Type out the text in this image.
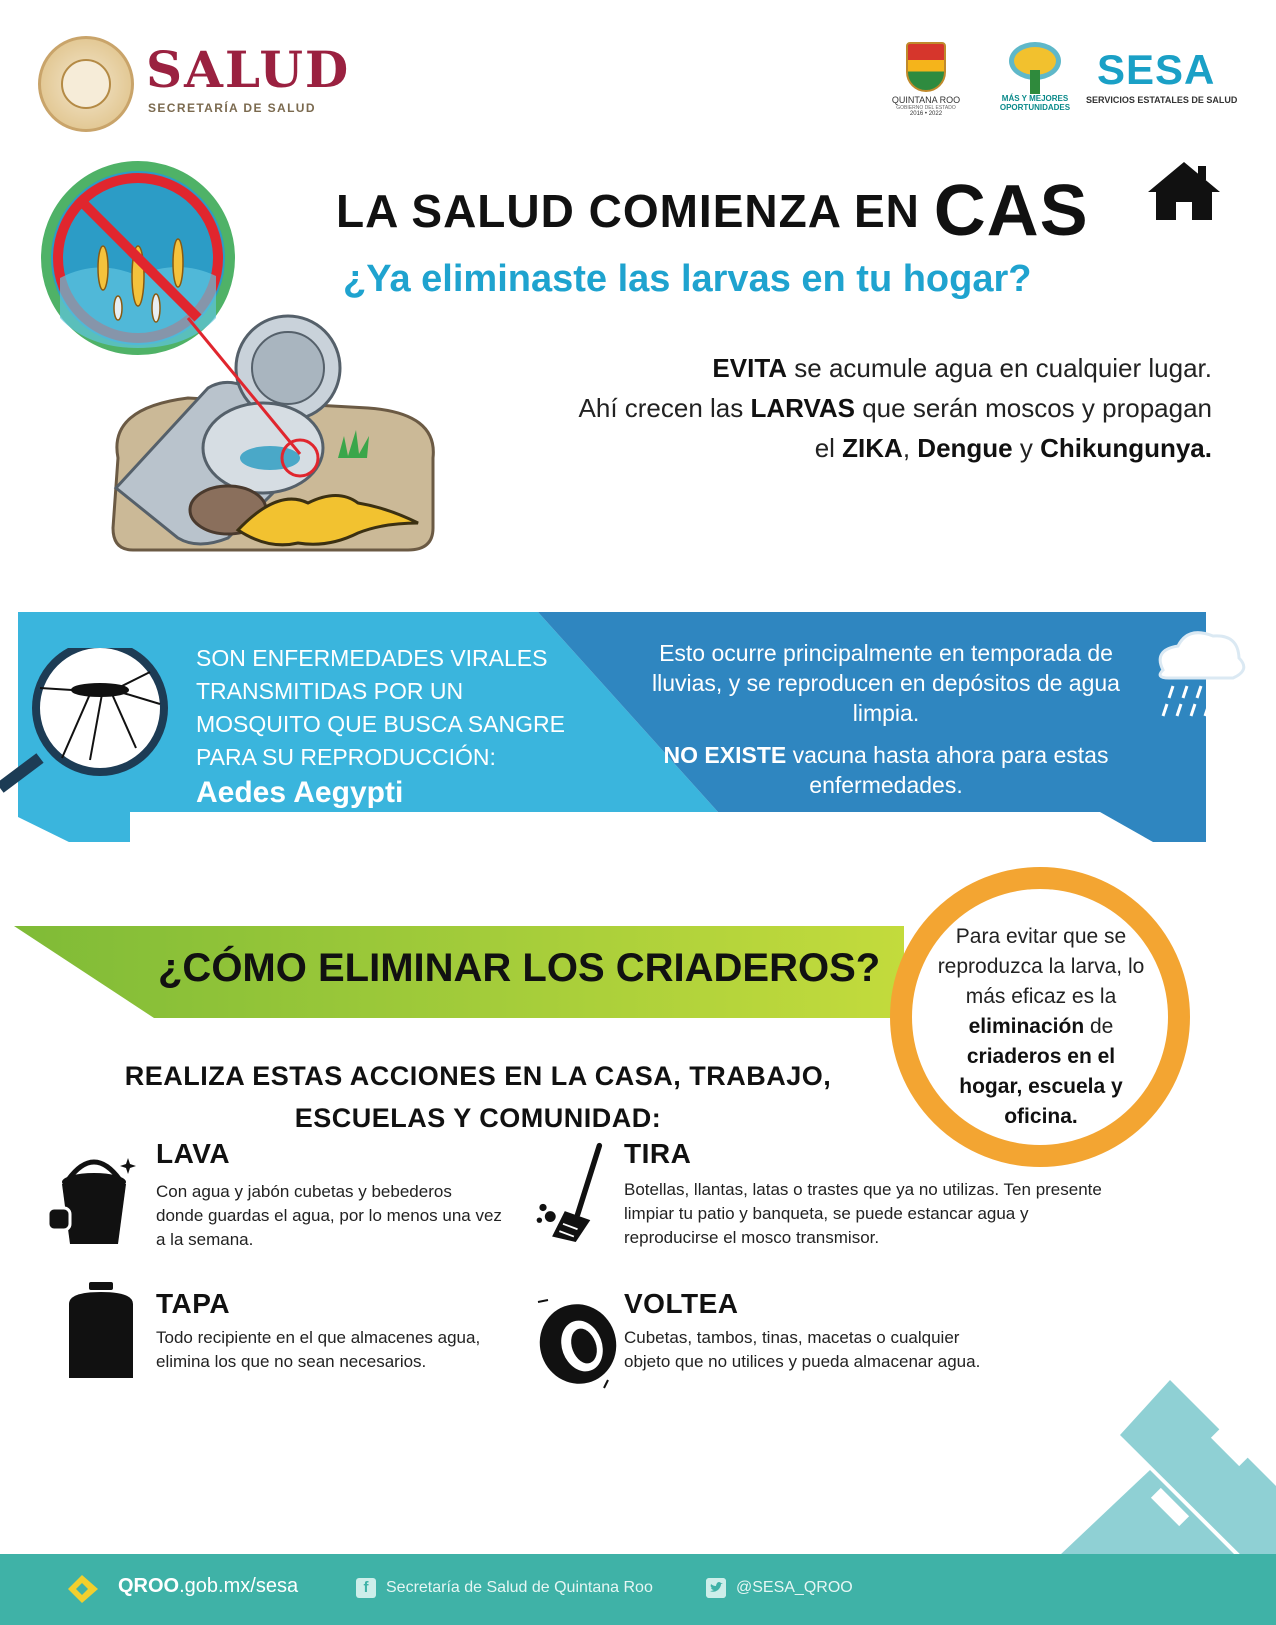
SALUD
SECRETARÍA DE SALUD
QUINTANA ROO
GOBIERNO DEL ESTADO
2016 • 2022
MÁS Y MEJORES
OPORTUNIDADES
SESA
SERVICIOS ESTATALES DE SALUD
LA SALUD COMIENZA EN CAS
¿Ya eliminaste las larvas en tu hogar?
EVITA se acumule agua en cualquier lugar.
Ahí crecen las LARVAS que serán moscos y propagan
el ZIKA, Dengue y Chikungunya.
SON ENFERMEDADES VIRALES TRANSMITIDAS POR UN MOSQUITO QUE BUSCA SANGRE PARA SU REPRODUCCIÓN:
Aedes Aegypti

Esto ocurre principalmente en temporada de lluvias, y se reproducen en depósitos de agua limpia.

NO EXISTE vacuna hasta ahora para estas enfermedades.

¿CÓMO ELIMINAR LOS CRIADEROS?
Para evitar que se reproduzca la larva, lo más eficaz es la eliminación de criaderos en el hogar, escuela y oficina.
REALIZA ESTAS ACCIONES EN LA CASA, TRABAJO, ESCUELAS Y COMUNIDAD:
LAVA
Con agua y jabón cubetas y bebederos donde guardas el agua, por lo menos una vez a la semana.
TIRA
Botellas, llantas, latas o trastes que ya no utilizas. Ten presente limpiar tu patio y banqueta, se puede estancar agua y reproducirse el mosco transmisor.
TAPA
Todo recipiente en el que almacenes agua, elimina los que no sean necesarios.
VOLTEA
Cubetas, tambos, tinas, macetas o cualquier objeto que no utilices y pueda almacenar agua.
QROO.gob.mx/sesa	f	Secretaría de Salud de Quintana Roo	@SESA_QROO
